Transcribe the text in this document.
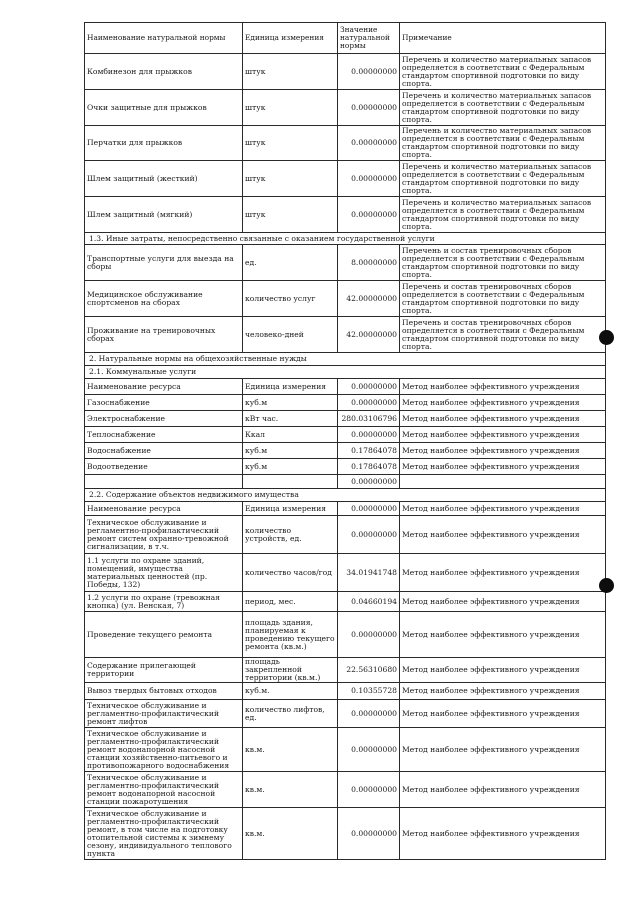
Наименование натуральной нормы	Единица измерения	Значение натуральной нормы	Примечание
Комбинезон для прыжков	штук	0.00000000	Перечень и количество материальных запасов определяется в соответствии с Федеральным стандартом спортивной подготовки по виду спорта.
Очки защитные для прыжков	штук	0.00000000	Перечень и количество материальных запасов определяется в соответствии с Федеральным стандартом спортивной подготовки по виду спорта.
Перчатки для прыжков	штук	0.00000000	Перечень и количество материальных запасов определяется в соответствии с Федеральным стандартом спортивной подготовки по виду спорта.
Шлем защитный (жесткий)	штук	0.00000000	Перечень и количество материальных запасов определяется в соответствии с Федеральным стандартом спортивной подготовки по виду спорта.
Шлем защитный (мягкий)	штук	0.00000000	Перечень и количество материальных запасов определяется в соответствии с Федеральным стандартом спортивной подготовки по виду спорта.
1.3. Иные затраты, непосредственно связанные с оказанием государственной услуги			
Транспортные услуги для выезда на сборы	ед.	8.00000000	Перечень и состав тренировочных сборов определяется в соответствии с Федеральным стандартом спортивной подготовки по виду спорта.
Медицинское обслуживание спортсменов на сборах	количество услуг	42.00000000	Перечень и состав тренировочных сборов определяется в соответствии с Федеральным стандартом спортивной подготовки по виду спорта.
Проживание на тренировочных сборах	человеко-дней	42.00000000	Перечень и состав тренировочных сборов определяется в соответствии с Федеральным стандартом спортивной подготовки по виду спорта.
2. Натуральные нормы на общехозяйственные нужды			
2.1. Коммунальные услуги			
Наименование ресурса	Единица измерения	0.00000000	Метод наиболее эффективного учреждения
Газоснабжение	куб.м	0.00000000	Метод наиболее эффективного учреждения
Электроснабжение	кВт час.	280.03106796	Метод наиболее эффективного учреждения
Теплоснабжение	Ккал	0.00000000	Метод наиболее эффективного учреждения
Водоснабжение	куб.м	0.17864078	Метод наиболее эффективного учреждения
Водоотведение	куб.м	0.17864078	Метод наиболее эффективного учреждения
		0.00000000	
2.2. Содержание объектов недвижимого имущества			
Наименование ресурса	Единица измерения	0.00000000	Метод наиболее эффективного учреждения
Техническое обслуживание и регламентно-профилактический ремонт систем охранно-тревожной сигнализации, в т.ч.	количество устройств, ед.	0.00000000	Метод наиболее эффективного учреждения
1.1 услуги по охране зданий, помещений, имущества материальных ценностей (пр. Победы, 132)	количество часов/год	34.01941748	Метод наиболее эффективного учреждения
1.2 услуги по охране (тревожная кнопка) (ул. Венская, 7)	период, мес.	0.04660194	Метод наиболее эффективного учреждения
Проведение текущего ремонта	площадь здания, планируемая к проведению текущего ремонта (кв.м.)	0.00000000	Метод наиболее эффективного учреждения
Содержание прилегающей территории	площадь закрепленной территории (кв.м.)	22.56310680	Метод наиболее эффективного учреждения
Вывоз твердых бытовых отходов	куб.м.	0.10355728	Метод наиболее эффективного учреждения
Техническое обслуживание и регламентно-профилактический ремонт лифтов	количество лифтов, ед.	0.00000000	Метод наиболее эффективного учреждения
Техническое обслуживание и регламентно-профилактический ремонт водонапорной насосной станции хозяйственно-питьевого и противопожарного водоснабжения	кв.м.	0.00000000	Метод наиболее эффективного учреждения
Техническое обслуживание и регламентно-профилактический ремонт водонапорной насосной станции пожаротушения	кв.м.	0.00000000	Метод наиболее эффективного учреждения
Техническое обслуживание и регламентно-профилактический ремонт, в том числе на подготовку отопительной системы к зимнему сезону, индивидуального теплового пункта	кв.м.	0.00000000	Метод наиболее эффективного учреждения
